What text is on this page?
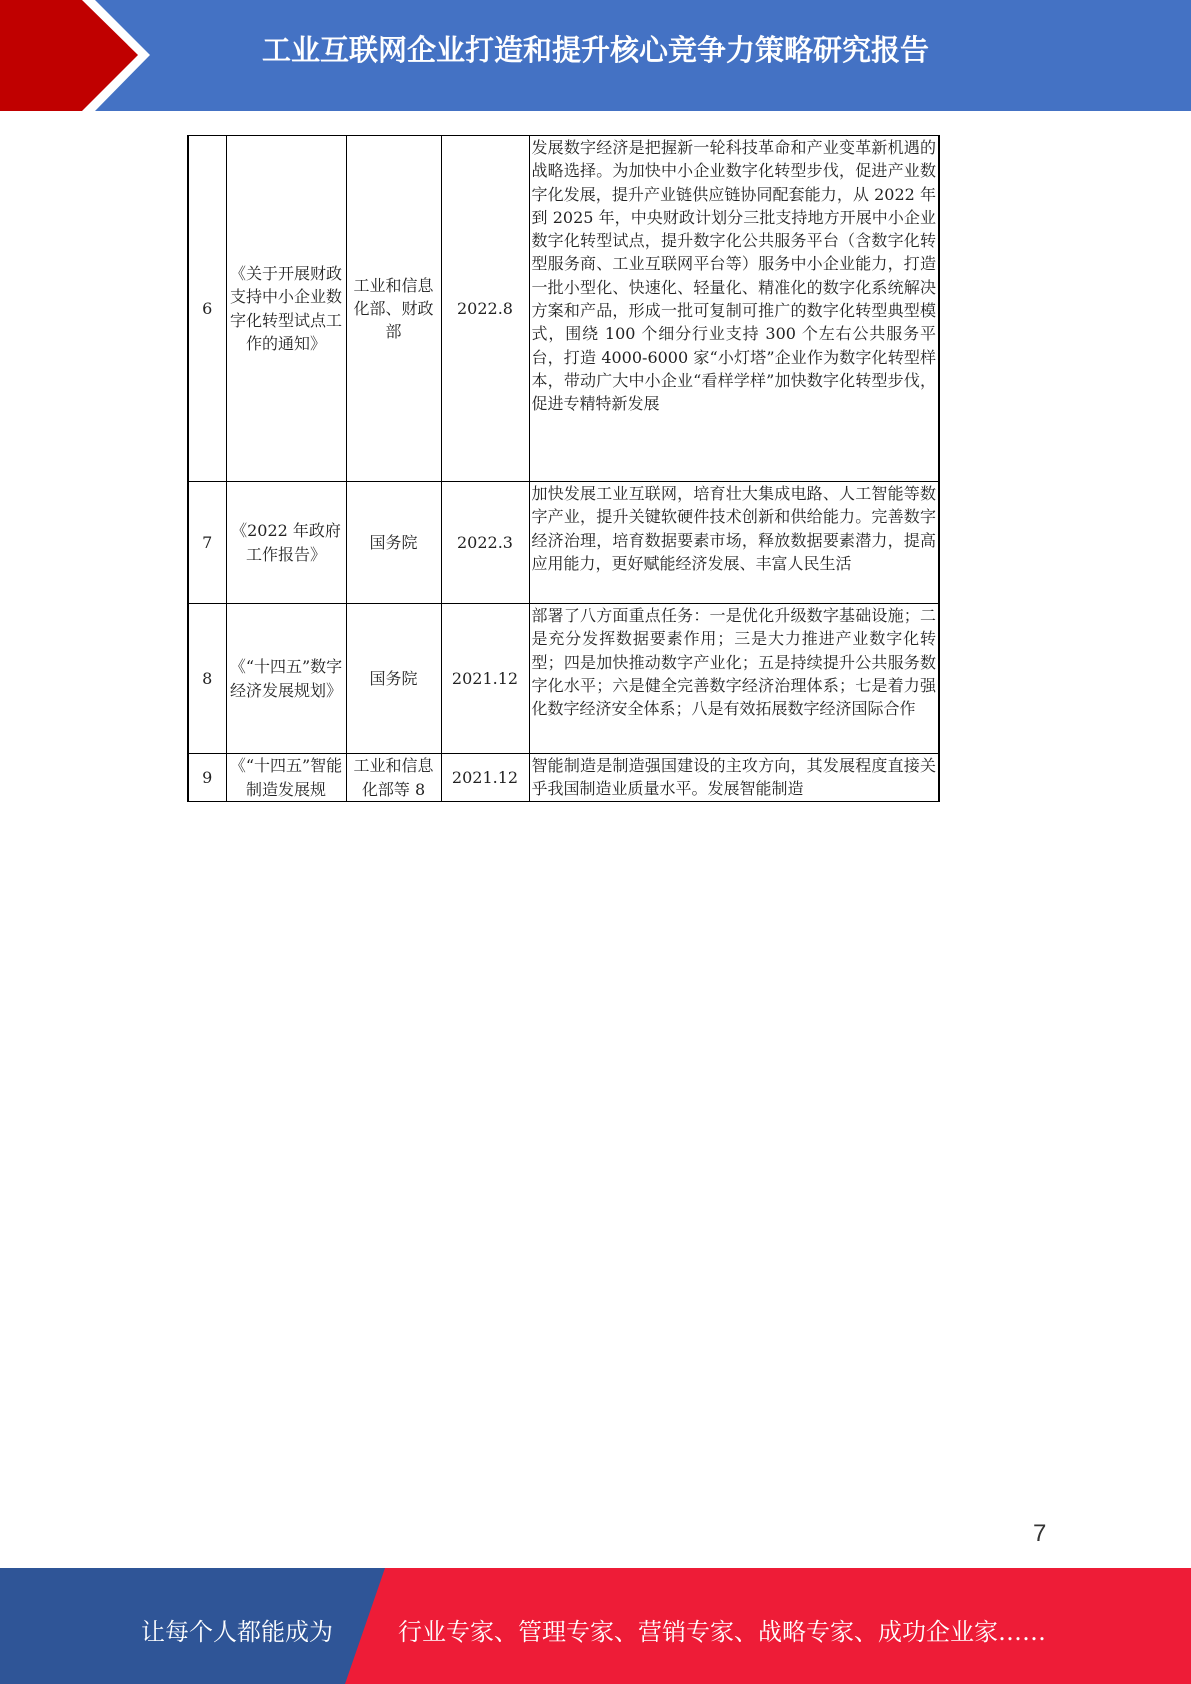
工业互联网企业打造和提升核心竞争力策略研究报告
6	《关于开展财政支持中小企业数字化转型试点工作的通知》	工业和信息化部、财政部	2022.8	发展数字经济是把握新一轮科技革命和产业变革新机遇的战略选择。为加快中小企业数字化转型步伐，促进产业数字化发展，提升产业链供应链协同配套能力，从 2022 年到 2025 年，中央财政计划分三批支持地方开展中小企业数字化转型试点，提升数字化公共服务平台（含数字化转型服务商、工业互联网平台等）服务中小企业能力，打造一批小型化、快速化、轻量化、精准化的数字化系统解决方案和产品，形成一批可复制可推广的数字化转型典型模式，围绕 100 个细分行业支持 300 个左右公共服务平台，打造 4000-6000 家“小灯塔”企业作为数字化转型样本，带动广大中小企业“看样学样”加快数字化转型步伐，促进专精特新发展
7	《2022 年政府工作报告》	国务院	2022.3	加快发展工业互联网，培育壮大集成电路、人工智能等数字产业，提升关键软硬件技术创新和供给能力。完善数字经济治理，培育数据要素市场，释放数据要素潜力，提高应用能力，更好赋能经济发展、丰富人民生活
8	《“十四五”数字经济发展规划》	国务院	2021.12	部署了八方面重点任务：一是优化升级数字基础设施；二是充分发挥数据要素作用；三是大力推进产业数字化转型；四是加快推动数字产业化；五是持续提升公共服务数字化水平；六是健全完善数字经济治理体系；七是着力强化数字经济安全体系；八是有效拓展数字经济国际合作
9	《“十四五”智能制造发展规	工业和信息化部等 8	2021.12	智能制造是制造强国建设的主攻方向，其发展程度直接关乎我国制造业质量水平。发展智能制造
7
让每个人都能成为	行业专家、管理专家、营销专家、战略专家、成功企业家……
